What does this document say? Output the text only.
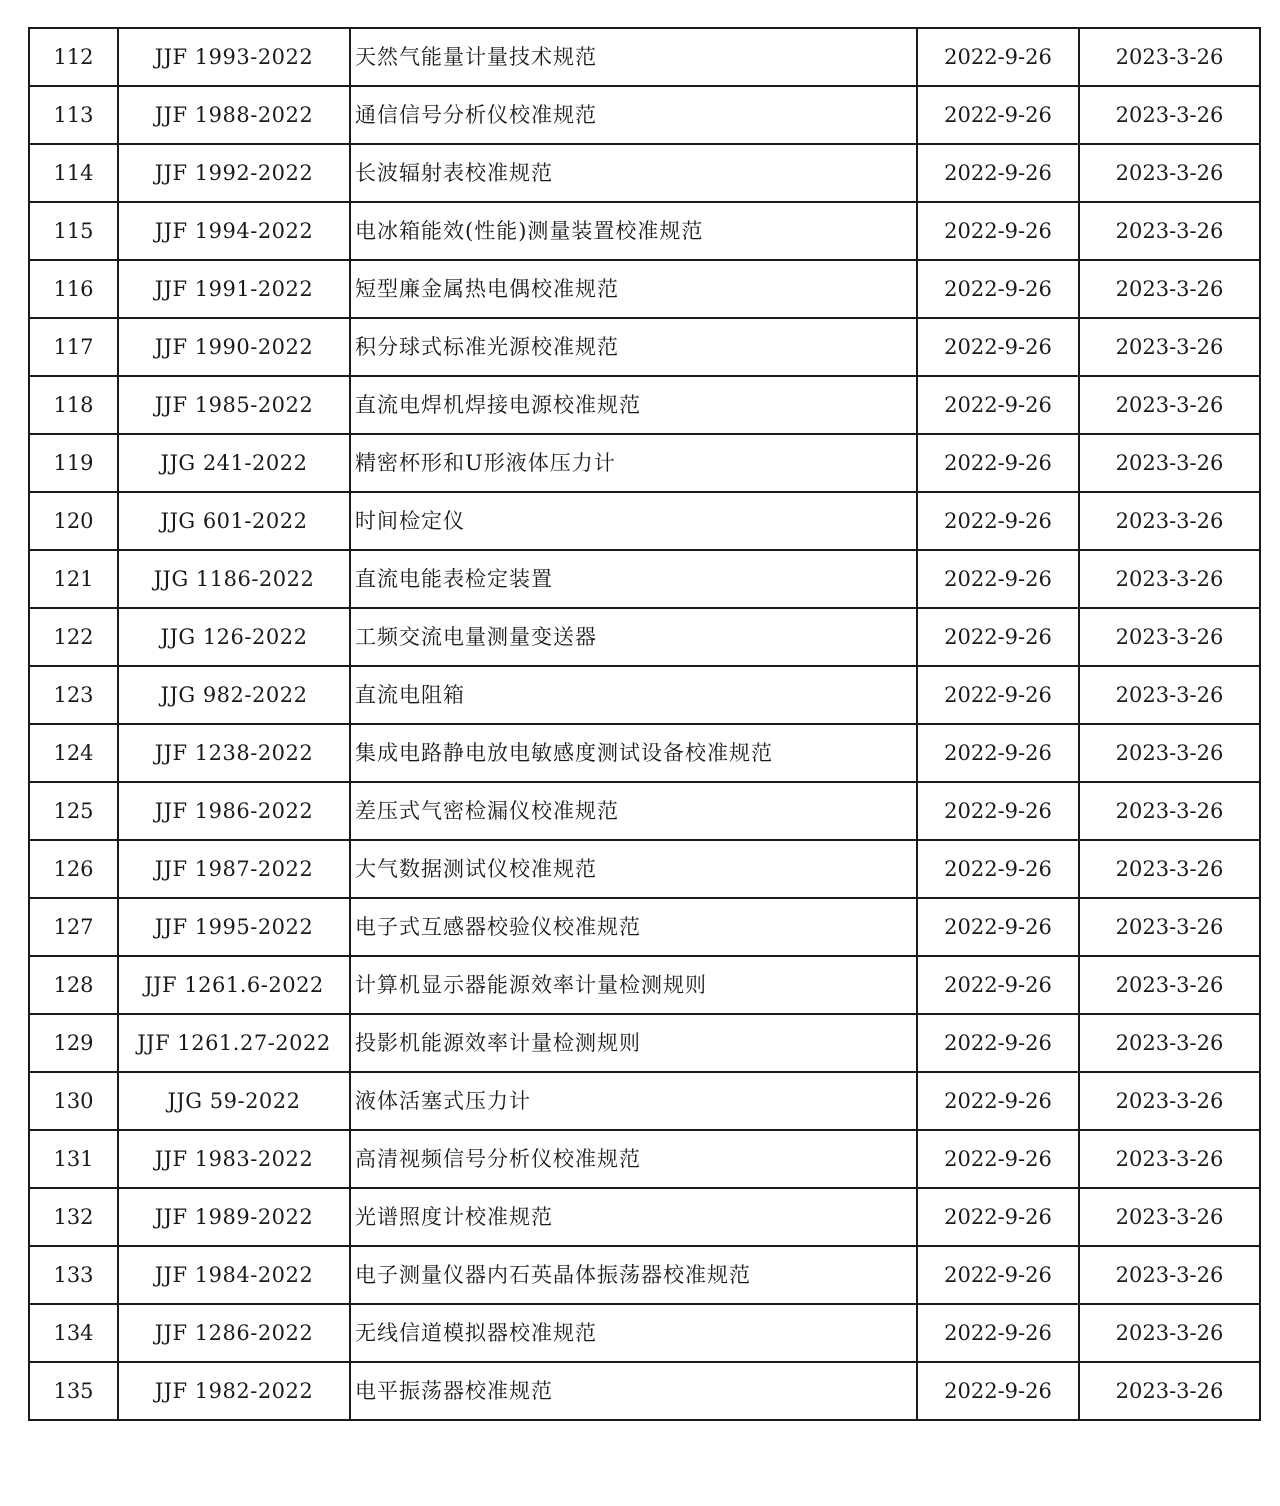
112	JJF 1993-2022	天然气能量计量技术规范	2022-9-26	2023-3-26
113	JJF 1988-2022	通信信号分析仪校准规范	2022-9-26	2023-3-26
114	JJF 1992-2022	长波辐射表校准规范	2022-9-26	2023-3-26
115	JJF 1994-2022	电冰箱能效(性能)测量装置校准规范	2022-9-26	2023-3-26
116	JJF 1991-2022	短型廉金属热电偶校准规范	2022-9-26	2023-3-26
117	JJF 1990-2022	积分球式标准光源校准规范	2022-9-26	2023-3-26
118	JJF 1985-2022	直流电焊机焊接电源校准规范	2022-9-26	2023-3-26
119	JJG 241-2022	精密杯形和U形液体压力计	2022-9-26	2023-3-26
120	JJG 601-2022	时间检定仪	2022-9-26	2023-3-26
121	JJG 1186-2022	直流电能表检定装置	2022-9-26	2023-3-26
122	JJG 126-2022	工频交流电量测量变送器	2022-9-26	2023-3-26
123	JJG 982-2022	直流电阻箱	2022-9-26	2023-3-26
124	JJF 1238-2022	集成电路静电放电敏感度测试设备校准规范	2022-9-26	2023-3-26
125	JJF 1986-2022	差压式气密检漏仪校准规范	2022-9-26	2023-3-26
126	JJF 1987-2022	大气数据测试仪校准规范	2022-9-26	2023-3-26
127	JJF 1995-2022	电子式互感器校验仪校准规范	2022-9-26	2023-3-26
128	JJF 1261.6-2022	计算机显示器能源效率计量检测规则	2022-9-26	2023-3-26
129	JJF 1261.27-2022	投影机能源效率计量检测规则	2022-9-26	2023-3-26
130	JJG 59-2022	液体活塞式压力计	2022-9-26	2023-3-26
131	JJF 1983-2022	高清视频信号分析仪校准规范	2022-9-26	2023-3-26
132	JJF 1989-2022	光谱照度计校准规范	2022-9-26	2023-3-26
133	JJF 1984-2022	电子测量仪器内石英晶体振荡器校准规范	2022-9-26	2023-3-26
134	JJF 1286-2022	无线信道模拟器校准规范	2022-9-26	2023-3-26
135	JJF 1982-2022	电平振荡器校准规范	2022-9-26	2023-3-26
